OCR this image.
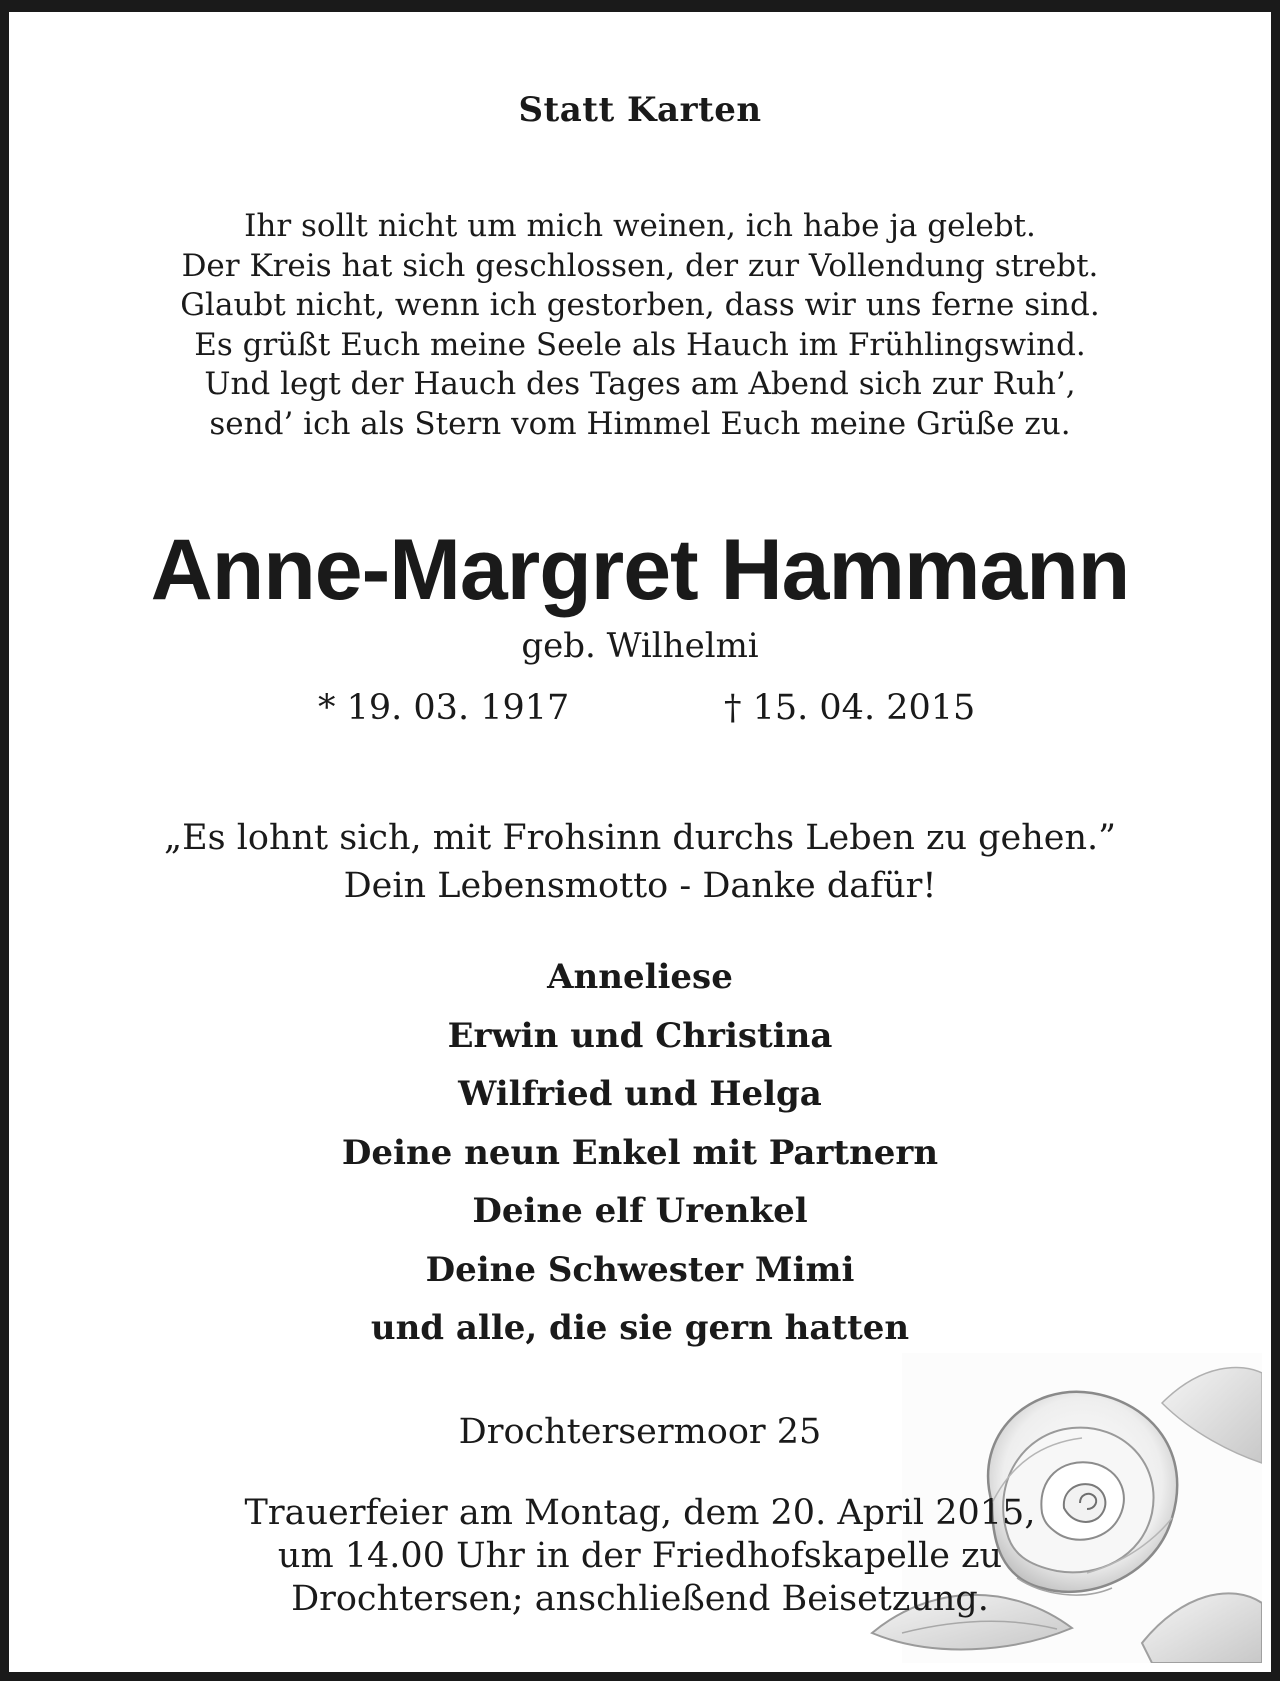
Statt Karten
Ihr sollt nicht um mich weinen, ich habe ja gelebt.
Der Kreis hat sich geschlossen, der zur Vollendung strebt.
Glaubt nicht, wenn ich gestorben, dass wir uns ferne sind.
Es grüßt Euch meine Seele als Hauch im Frühlingswind.
Und legt der Hauch des Tages am Abend sich zur Ruh’,
send’ ich als Stern vom Himmel Euch meine Grüße zu.
Anne-Margret Hammann
geb. Wilhelmi
* 19. 03. 1917	† 15. 04. 2015
„Es lohnt sich, mit Frohsinn durchs Leben zu gehen.”
Dein Lebensmotto - Danke dafür!
Anneliese
Erwin und Christina
Wilfried und Helga
Deine neun Enkel mit Partnern
Deine elf Urenkel
Deine Schwester Mimi
und alle, die sie gern hatten
Drochtersermoor 25
Trauerfeier am Montag, dem 20. April 2015,
um 14.00 Uhr in der Friedhofskapelle zu
Drochtersen; anschließend Beisetzung.
